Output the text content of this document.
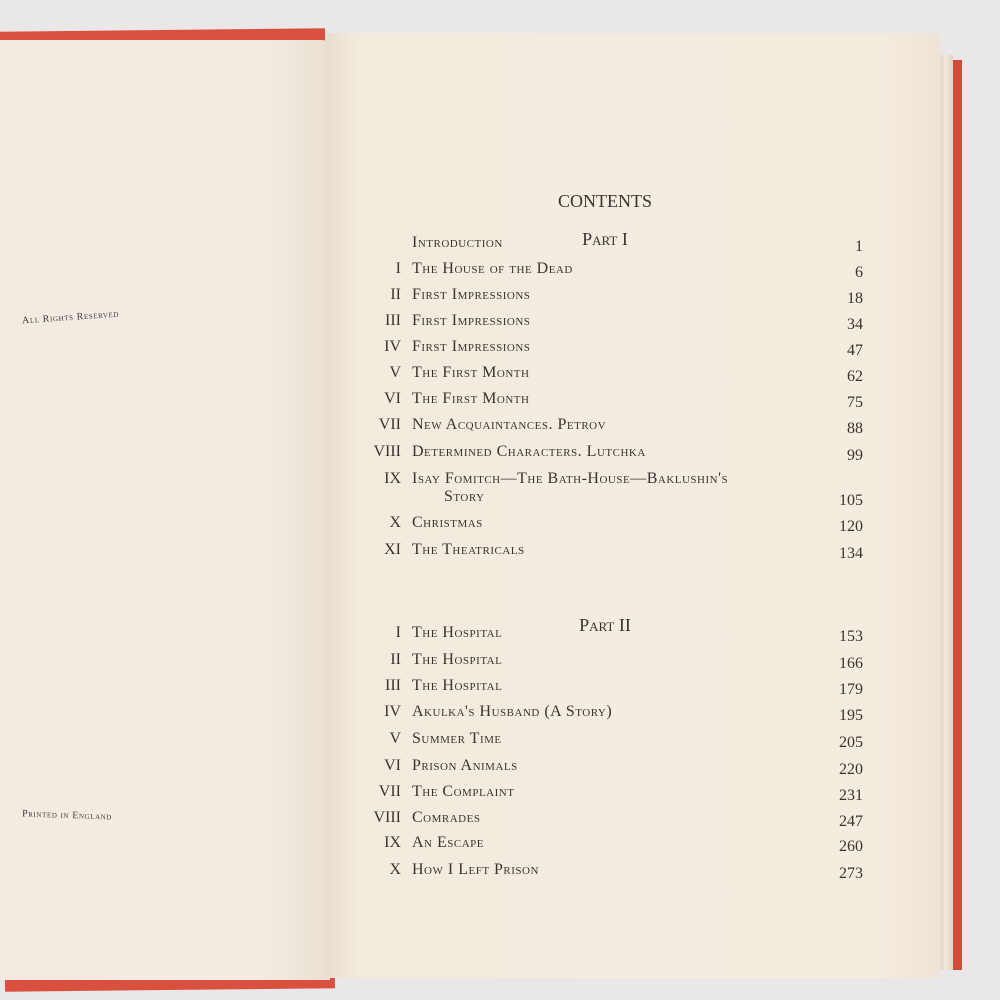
All Rights Reserved
Printed in England
CONTENTS
Part I
Part II
Introduction	1
I The House of the Dead	6
II First Impressions	18
III First Impressions	34
IV First Impressions	47
V The First Month	62
VI The First Month	75
VII New Acquaintances. Petrov	88
VIII Determined Characters. Lutchka	99
IX Isay Fomitch—The Bath-House—Baklushin's
Story	105
X Christmas	120
XI The Theatricals	134
I The Hospital	153
II The Hospital	166
III The Hospital	179
IV Akulka's Husband (A Story)	195
V Summer Time	205
VI Prison Animals	220
VII The Complaint	231
VIII Comrades	247
IX An Escape	260
X How I Left Prison	273
